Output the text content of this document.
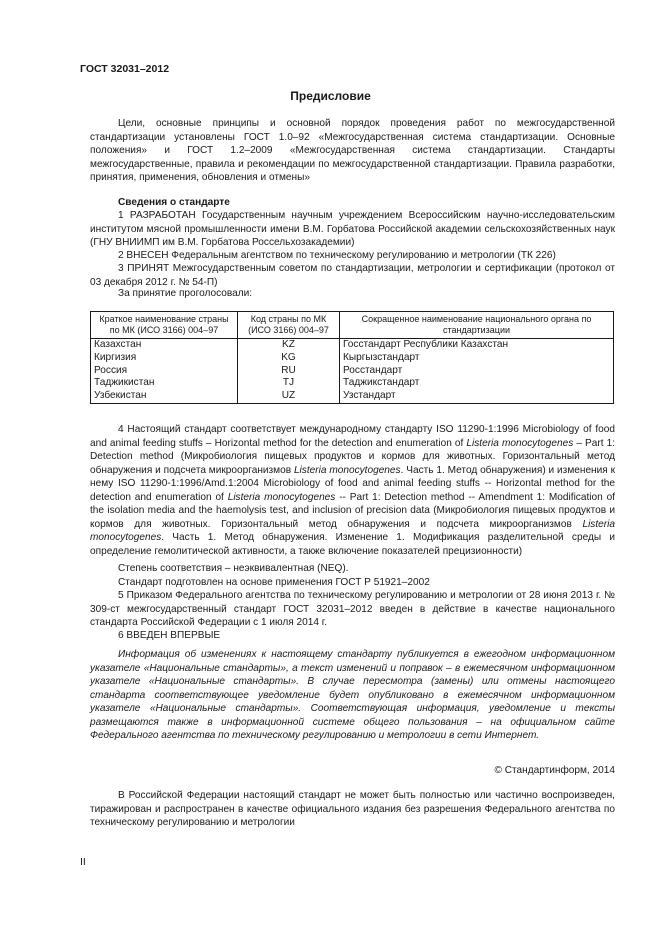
ГОСТ 32031–2012
Предисловие

Цели, основные принципы и основной порядок проведения работ по межгосударственной стандартизации установлены ГОСТ 1.0–92 «Межгосударственная система стандартизации. Основные положения» и ГОСТ 1.2–2009 «Межгосударственная система стандартизации. Стандарты межгосударственные, правила и рекомендации по межгосударственной стандартизации. Правила разработки, принятия, применения, обновления и отмены»

Сведения о стандарте

1 РАЗРАБОТАН Государственным научным учреждением Всероссийским научно-исследовательским институтом мясной промышленности имени В.М. Горбатова Российской академии сельскохозяйственных наук (ГНУ ВНИИМП им В.М. Горбатова Россельхозакадемии)

2 ВНЕСЕН Федеральным агентством по техническому регулированию и метрологии (ТК 226)

3 ПРИНЯТ Межгосударственным советом по стандартизации, метрологии и сертификации (протокол от 03 декабря 2012 г. № 54-П)

За принятие проголосовали:
Краткое наименование страны по МК (ИСО 3166) 004–97	Код страны по МК (ИСО 3166) 004–97	Сокращенное наименование национального органа по стандартизации
Казахстан	KZ	Госстандарт Республики Казахстан
Киргизия	KG	Кыргызстандарт
Россия	RU	Росстандарт
Таджикистан	TJ	Таджикстандарт
Узбекистан	UZ	Узстандарт

4 Настоящий стандарт соответствует международному стандарту ISO 11290-1:1996 Microbiology of food and animal feeding stuffs – Horizontal method for the detection and enumeration of Listeria monocytogenes – Part 1: Detection method (Микробиология пищевых продуктов и кормов для животных. Горизонтальный метод обнаружения и подсчета микроорганизмов Listeria monocytogenes. Часть 1. Метод обнаружения) и изменения к нему ISO 11290-1:1996/Amd.1:2004 Microbiology of food and animal feeding stuffs -- Horizontal method for the detection and enumeration of Listeria monocytogenes -- Part 1: Detection method -- Amendment 1: Modification of the isolation media and the haemolysis test, and inclusion of precision data (Микробиология пищевых продуктов и кормов для животных. Горизонтальный метод обнаружения и подсчета микроорганизмов Listeria monocytogenes. Часть 1. Метод обнаружения. Изменение 1. Модификация разделительной среды и определение гемолитической активности, а также включение показателей прецизионности)

Степень соответствия – неэквивалентная (NEQ).
Стандарт подготовлен на основе применения ГОСТ Р 51921–2002

5 Приказом Федерального агентства по техническому регулированию и метрологии от 28 июня 2013 г. № 309-ст межгосударственный стандарт ГОСТ 32031–2012 введен в действие в качестве национального стандарта Российской Федерации с 1 июля 2014 г.

6 ВВЕДЕН ВПЕРВЫЕ

Информация об изменениях к настоящему стандарту публикуется в ежегодном информационном указателе «Национальные стандарты», а текст изменений и поправок – в ежемесячном информационном указателе «Национальные стандарты». В случае пересмотра (замены) или отмены настоящего стандарта соответствующее уведомление будет опубликовано в ежемесячном информационном указателе «Национальные стандарты». Соответствующая информация, уведомление и тексты размещаются также в информационной системе общего пользования – на официальном сайте Федерального агентства по техническому регулированию и метрологии в сети Интернет.

© Стандартинформ, 2014

В Российской Федерации настоящий стандарт не может быть полностью или частично воспроизведен, тиражирован и распространен в качестве официального издания без разрешения Федерального агентства по техническому регулированию и метрологии

II
